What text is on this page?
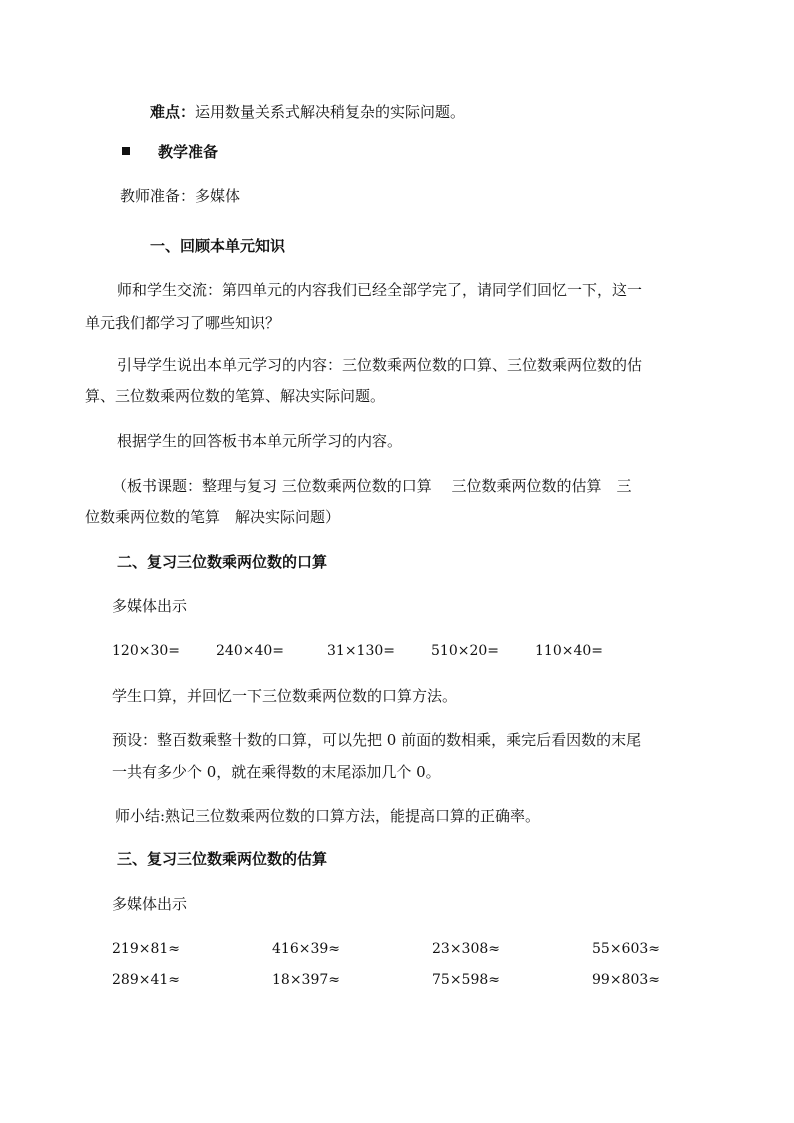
难点：运用数量关系式解决稍复杂的实际问题。
教学准备
教师准备：多媒体
一、回顾本单元知识
师和学生交流：第四单元的内容我们已经全部学完了，请同学们回忆一下，这一
单元我们都学习了哪些知识？
引导学生说出本单元学习的内容：三位数乘两位数的口算、三位数乘两位数的估
算、三位数乘两位数的笔算、解决实际问题。
根据学生的回答板书本单元所学习的内容。
（板书课题：整理与复习 三位数乘两位数的口算　 三位数乘两位数的估算　三
位数乘两位数的笔算　解决实际问题）
二、复习三位数乘两位数的口算
多媒体出示
120×30=	240×40=	31×130=	510×20=	110×40=
学生口算，并回忆一下三位数乘两位数的口算方法。
预设：整百数乘整十数的口算，可以先把 0 前面的数相乘，乘完后看因数的末尾
一共有多少个 0，就在乘得数的末尾添加几个 0。
师小结:熟记三位数乘两位数的口算方法，能提高口算的正确率。
三、复习三位数乘两位数的估算
多媒体出示
219×81≈	416×39≈	23×308≈	55×603≈
289×41≈	18×397≈	75×598≈	99×803≈
